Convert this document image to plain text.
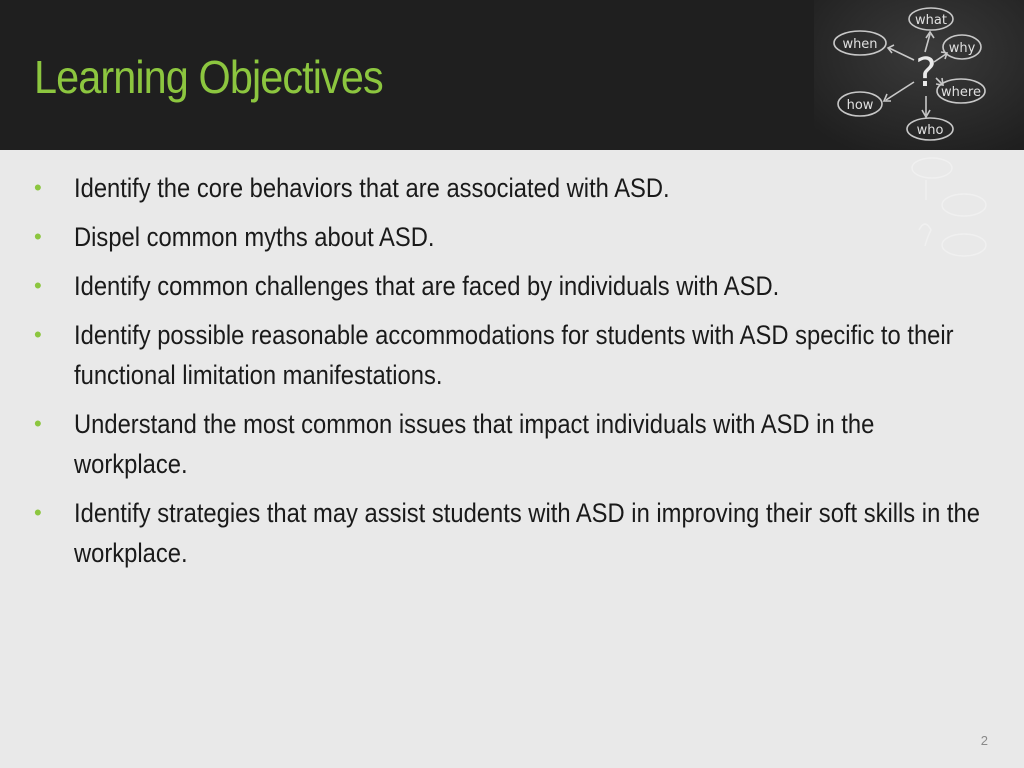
Learning Objectives
what
when	why
where
how
who
?
• Identify the core behaviors that are associated with ASD.
• Dispel common myths about ASD.
• Identify common challenges that are faced by individuals with ASD.
• Identify possible reasonable accommodations for students with ASD specific to their functional limitation manifestations.
• Understand the most common issues that impact individuals with ASD in the workplace.
• Identify strategies that may assist students with ASD in improving their soft skills in the workplace.
2
